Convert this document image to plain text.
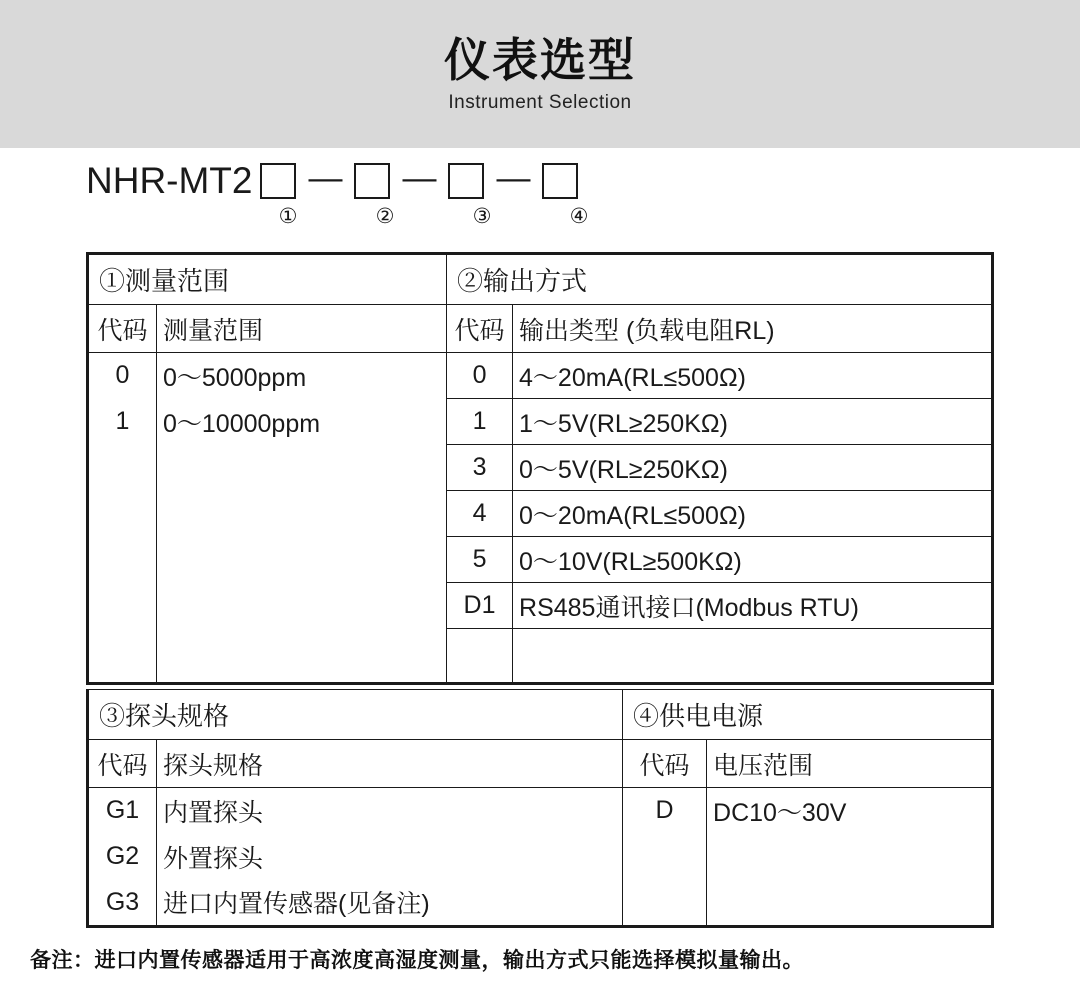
仪表选型
Instrument Selection
NHR-MT2 — — —
①	②	③	④
①测量范围		②输出方式	
代码	测量范围	代码	输出类型 (负载电阻RL)
0	0～5000ppm	0	4～20mA(RL≤500Ω)
1	0～10000ppm	1	1～5V(RL≥250KΩ)
		3	0～5V(RL≥250KΩ)
		4	0～20mA(RL≤500Ω)
		5	0～10V(RL≥500KΩ)
		D1	RS485通讯接口(Modbus RTU)

③探头规格		④供电电源	
代码	探头规格	代码	电压范围
G1	内置探头	D	DC10～30V
G2	外置探头		
G3	进口内置传感器(见备注)		
备注：进口内置传感器适用于高浓度高湿度测量，输出方式只能选择模拟量输出。
